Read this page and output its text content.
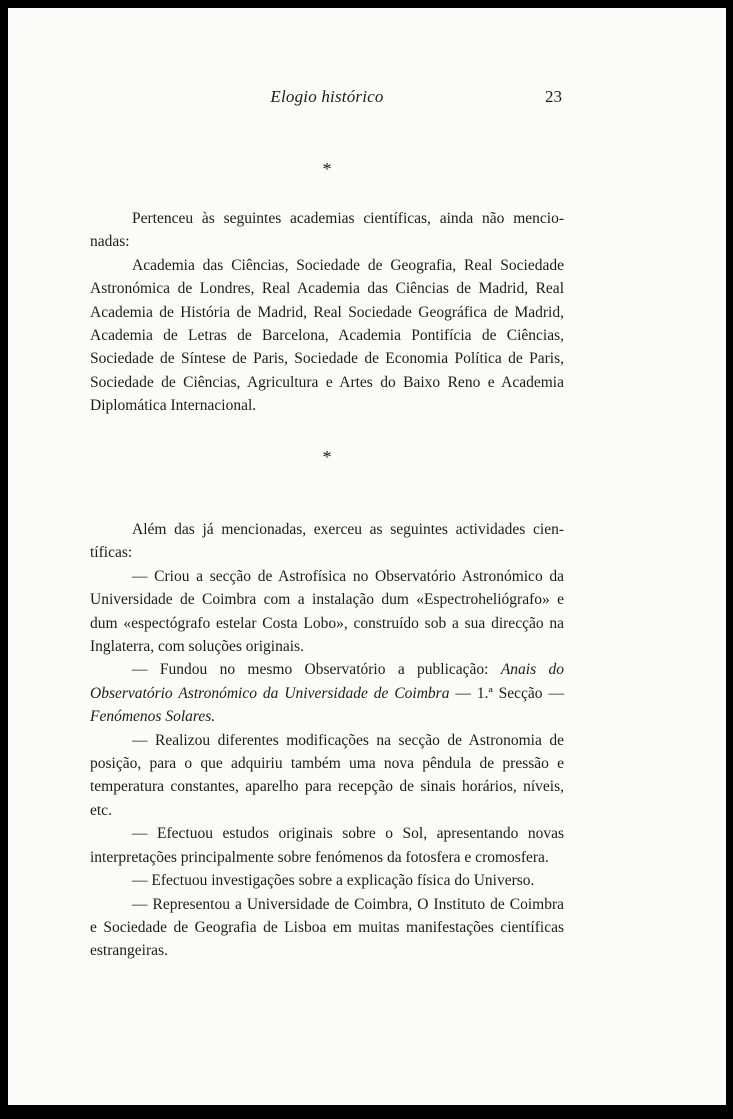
Elogio histórico	23
*

Pertenceu às seguintes academias científicas, ainda não mencionadas:

Academia das Ciências, Sociedade de Geografia, Real Sociedade Astronómica de Londres, Real Academia das Ciências de Madrid, Real Academia de História de Madrid, Real Sociedade Geográfica de Madrid, Academia de Letras de Barcelona, Academia Pontifícia de Ciências, Sociedade de Síntese de Paris, Sociedade de Economia Política de Paris, Sociedade de Ciências, Agricultura e Artes do Baixo Reno e Academia Diplomática Internacional.

*

Além das já mencionadas, exerceu as seguintes actividades científicas:

— Criou a secção de Astrofísica no Observatório Astronómico da Universidade de Coimbra com a instalação dum «Espectroheliógrafo» e dum «espectógrafo estelar Costa Lobo», construído sob a sua direcção na Inglaterra, com soluções originais.

— Fundou no mesmo Observatório a publicação: Anais do Observatório Astronómico da Universidade de Coimbra — 1.ª Secção — Fenómenos Solares.

— Realizou diferentes modificações na secção de Astronomia de posição, para o que adquiriu também uma nova pêndula de pressão e temperatura constantes, aparelho para recepção de sinais horários, níveis, etc.

— Efectuou estudos originais sobre o Sol, apresentando novas interpretações principalmente sobre fenómenos da fotosfera e cromosfera.

— Efectuou investigações sobre a explicação física do Universo.

— Representou a Universidade de Coimbra, O Instituto de Coimbra e Sociedade de Geografia de Lisboa em muitas manifestações científicas estrangeiras.
